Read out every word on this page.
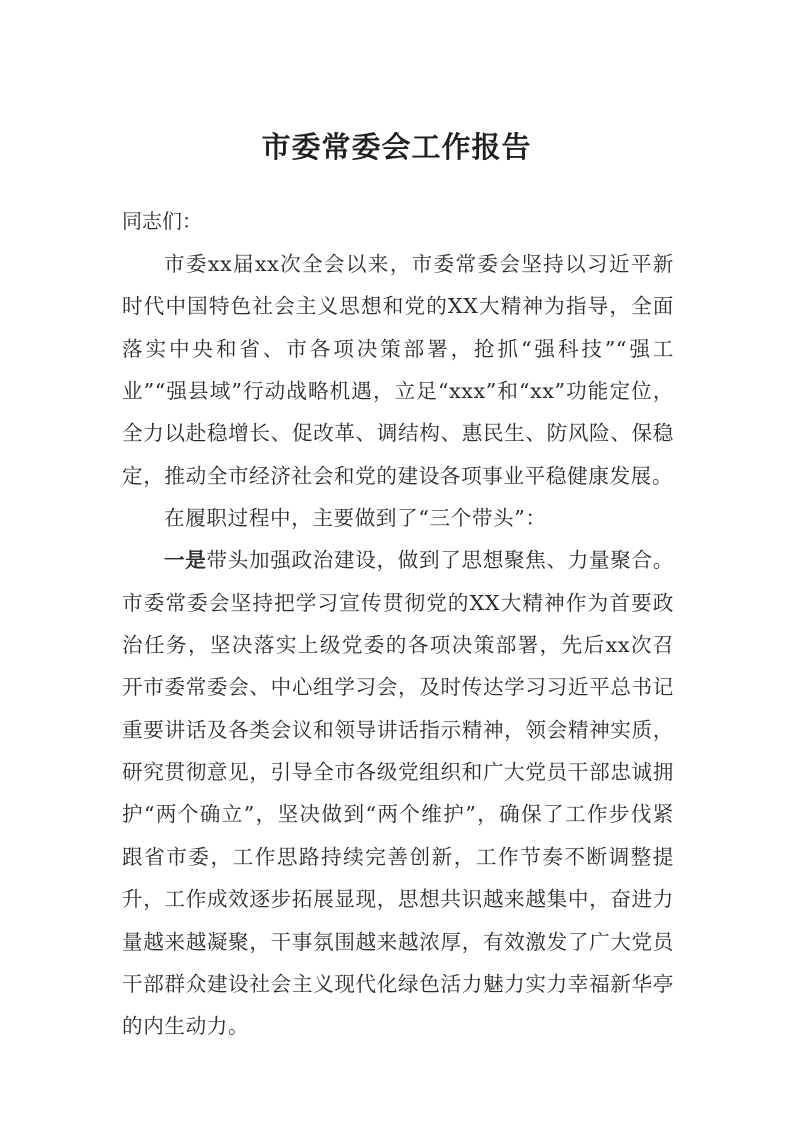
市委常委会工作报告
同志们：

市委xx届xx次全会以来，市委常委会坚持以习近平新时代中国特色社会主义思想和党的XX大精神为指导，全面落实中央和省、市各项决策部署，抢抓“强科技”“强工业”“强县域”行动战略机遇，立足“xxx”和“xx”功能定位，全力以赴稳增长、促改革、调结构、惠民生、防风险、保稳定，推动全市经济社会和党的建设各项事业平稳健康发展。

在履职过程中，主要做到了“三个带头”：

一是带头加强政治建设，做到了思想聚焦、力量聚合。市委常委会坚持把学习宣传贯彻党的XX大精神作为首要政治任务，坚决落实上级党委的各项决策部署，先后xx次召开市委常委会、中心组学习会，及时传达学习习近平总书记重要讲话及各类会议和领导讲话指示精神，领会精神实质，研究贯彻意见，引导全市各级党组织和广大党员干部忠诚拥护“两个确立”，坚决做到“两个维护”，确保了工作步伐紧跟省市委，工作思路持续完善创新，工作节奏不断调整提升，工作成效逐步拓展显现，思想共识越来越集中，奋进力量越来越凝聚，干事氛围越来越浓厚，有效激发了广大党员干部群众建设社会主义现代化绿色活力魅力实力幸福新华亭的内生动力。
